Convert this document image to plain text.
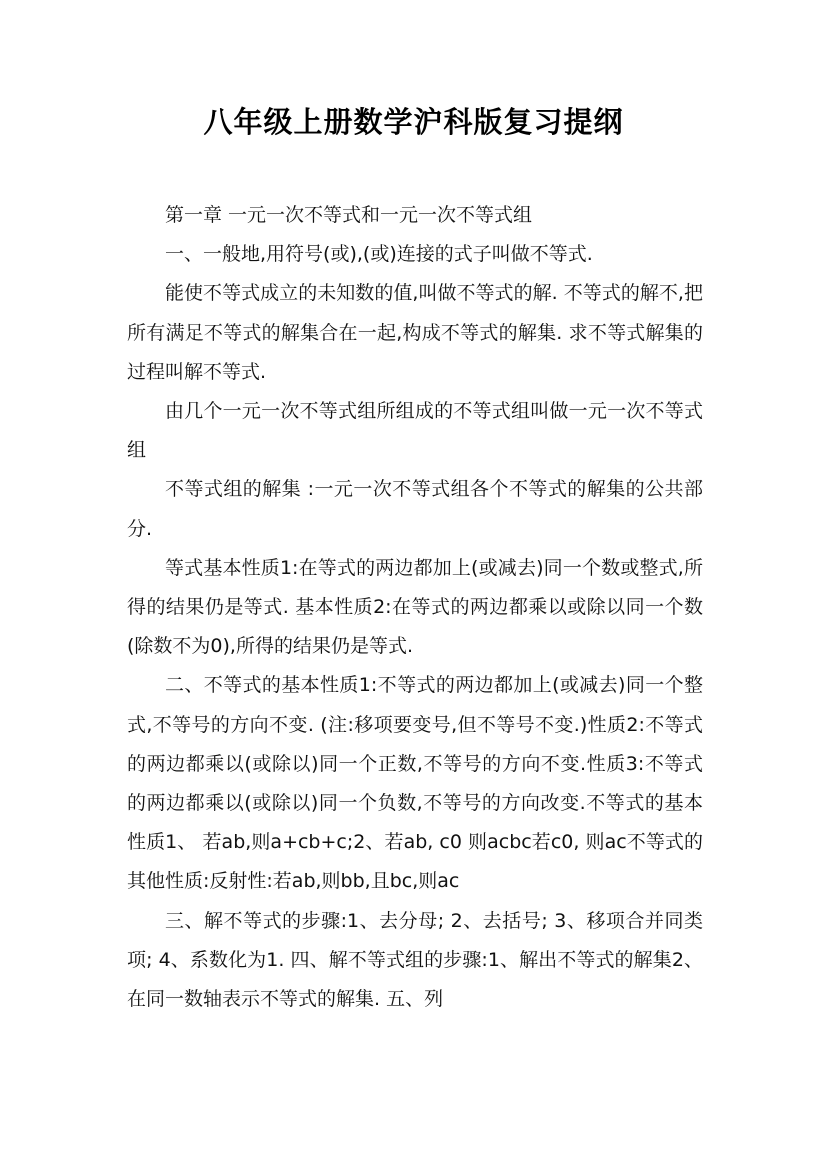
八年级上册数学沪科版复习提纲

第一章 一元一次不等式和一元一次不等式组

一、一般地,用符号(或),(或)连接的式子叫做不等式.

能使不等式成立的未知数的值,叫做不等式的解. 不等式的解不,把所有满足不等式的解集合在一起,构成不等式的解集. 求不等式解集的过程叫解不等式.

由几个一元一次不等式组所组成的不等式组叫做一元一次不等式组

不等式组的解集 :一元一次不等式组各个不等式的解集的公共部分.

等式基本性质1:在等式的两边都加上(或减去)同一个数或整式,所得的结果仍是等式. 基本性质2:在等式的两边都乘以或除以同一个数(除数不为0),所得的结果仍是等式.

二、不等式的基本性质1:不等式的两边都加上(或减去)同一个整式,不等号的方向不变. (注:移项要变号,但不等号不变.)性质2:不等式的两边都乘以(或除以)同一个正数,不等号的方向不变.性质3:不等式的两边都乘以(或除以)同一个负数,不等号的方向改变.不等式的基本性质1、 若ab,则a+cb+c;2、若ab, c0 则acbc若c0, 则ac不等式的其他性质:反射性:若ab,则bb,且bc,则ac

三、解不等式的步骤:1、去分母; 2、去括号; 3、移项合并同类项; 4、系数化为1. 四、解不等式组的步骤:1、解出不等式的解集2、在同一数轴表示不等式的解集. 五、列
